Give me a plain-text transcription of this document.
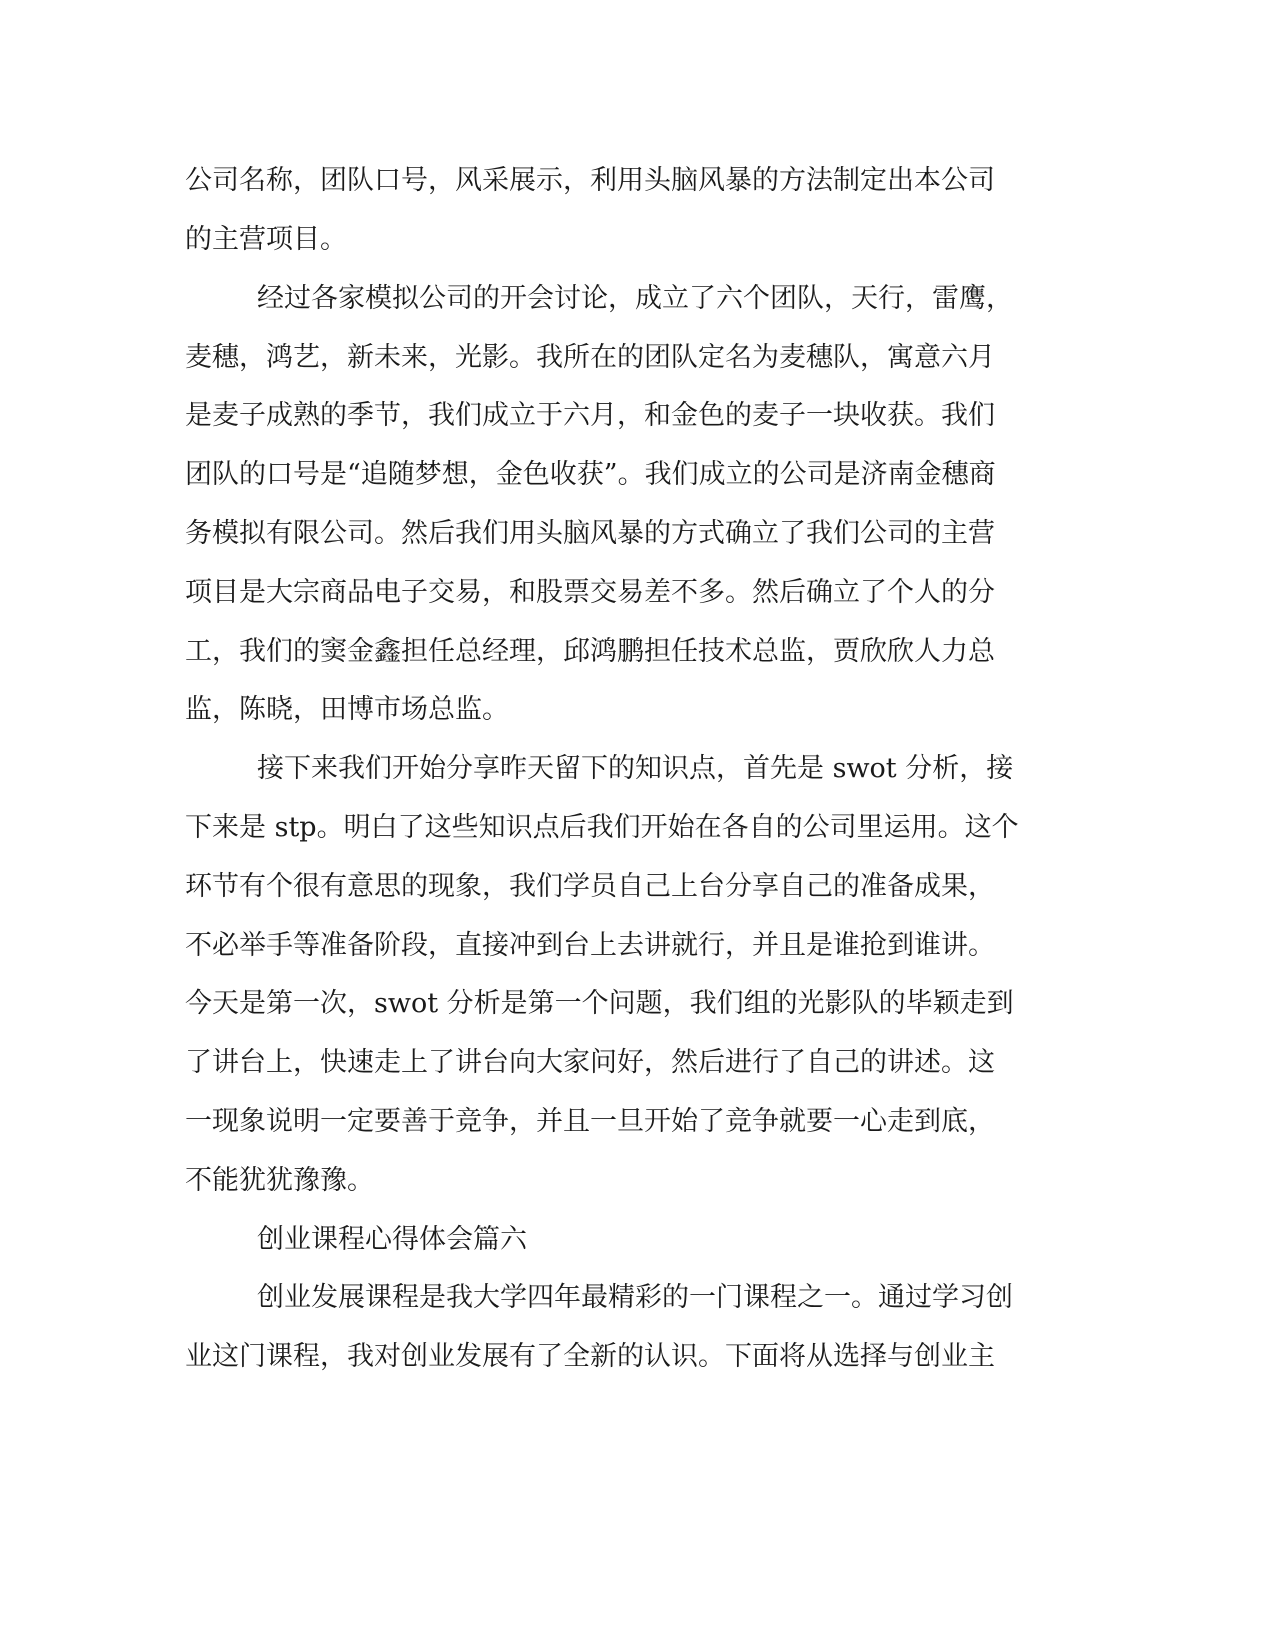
公司名称，团队口号，风采展示，利用头脑风暴的方法制定出本公司

的主营项目。

经过各家模拟公司的开会讨论，成立了六个团队，天行，雷鹰，

麦穗，鸿艺，新未来，光影。我所在的团队定名为麦穗队，寓意六月

是麦子成熟的季节，我们成立于六月，和金色的麦子一块收获。我们

团队的口号是“追随梦想，金色收获”。我们成立的公司是济南金穗商

务模拟有限公司。然后我们用头脑风暴的方式确立了我们公司的主营

项目是大宗商品电子交易，和股票交易差不多。然后确立了个人的分

工，我们的窦金鑫担任总经理，邱鸿鹏担任技术总监，贾欣欣人力总

监，陈晓，田博市场总监。

接下来我们开始分享昨天留下的知识点，首先是 swot 分析，接

下来是 stp。明白了这些知识点后我们开始在各自的公司里运用。这个

环节有个很有意思的现象，我们学员自己上台分享自己的准备成果，

不必举手等准备阶段，直接冲到台上去讲就行，并且是谁抢到谁讲。

今天是第一次，swot 分析是第一个问题，我们组的光影队的毕颖走到

了讲台上，快速走上了讲台向大家问好，然后进行了自己的讲述。这

一现象说明一定要善于竞争，并且一旦开始了竞争就要一心走到底，

不能犹犹豫豫。

创业课程心得体会篇六

创业发展课程是我大学四年最精彩的一门课程之一。通过学习创

业这门课程，我对创业发展有了全新的认识。下面将从选择与创业主
